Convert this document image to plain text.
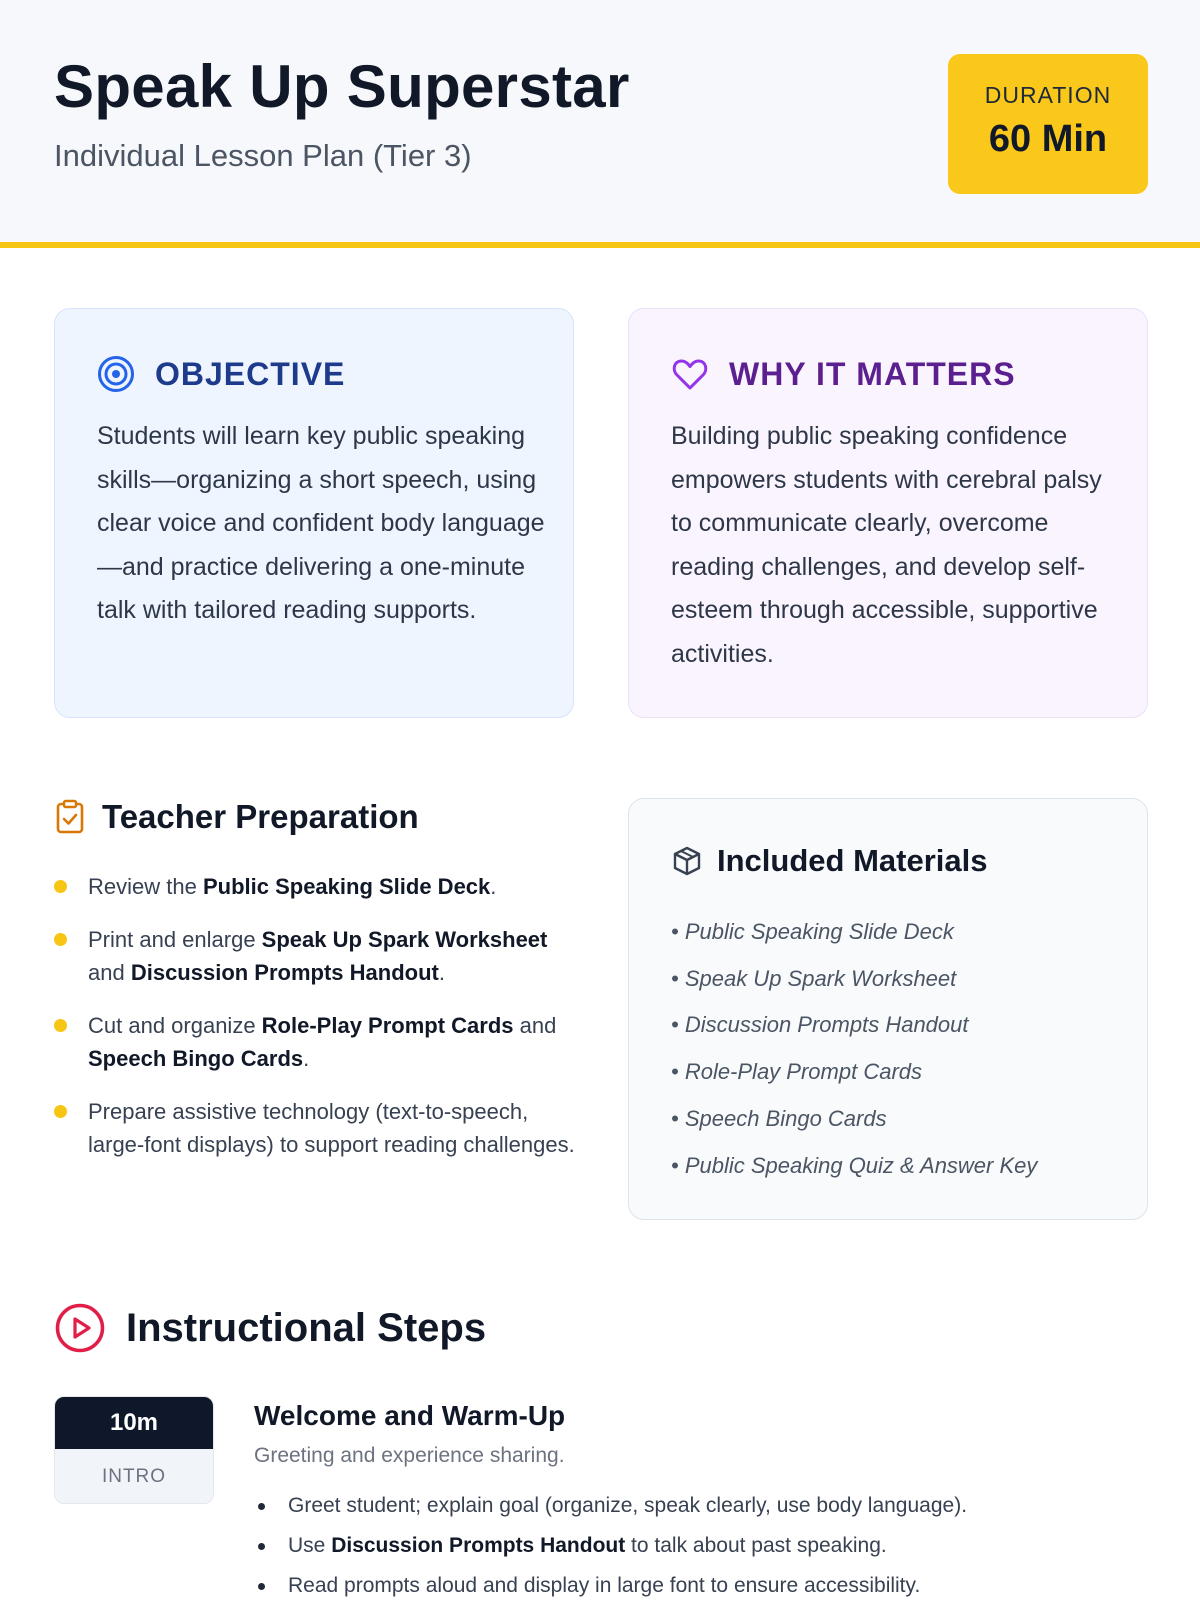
Speak Up Superstar
Individual Lesson Plan (Tier 3)
DURATION
60 Min
OBJECTIVE
Students will learn key public speaking skills—organizing a short speech, using clear voice and confident body language—and practice delivering a one-minute talk with tailored reading supports.
WHY IT MATTERS
Building public speaking confidence empowers students with cerebral palsy to communicate clearly, overcome reading challenges, and develop self-esteem through accessible, supportive activities.
Teacher Preparation
Review the Public Speaking Slide Deck.
Print and enlarge Speak Up Spark Worksheet and Discussion Prompts Handout.
Cut and organize Role-Play Prompt Cards and Speech Bingo Cards.
Prepare assistive technology (text-to-speech, large-font displays) to support reading challenges.
Included Materials
• Public Speaking Slide Deck
• Speak Up Spark Worksheet
• Discussion Prompts Handout
• Role-Play Prompt Cards
• Speech Bingo Cards
• Public Speaking Quiz & Answer Key
Instructional Steps
10m
INTRO
Welcome and Warm-Up
Greeting and experience sharing.
Greet student; explain goal (organize, speak clearly, use body language).
Use Discussion Prompts Handout to talk about past speaking.
Read prompts aloud and display in large font to ensure accessibility.
